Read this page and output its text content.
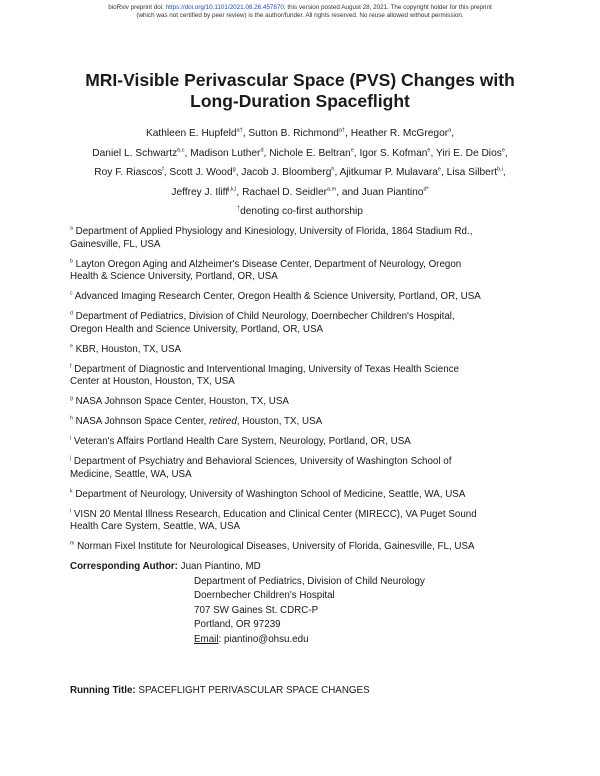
bioRxiv preprint doi: https://doi.org/10.1101/2021.08.26.457870; this version posted August 28, 2021. The copyright holder for this preprint
(which was not certified by peer review) is the author/funder. All rights reserved. No reuse allowed without permission.
MRI-Visible Perivascular Space (PVS) Changes with
Long-Duration Spaceflight
Kathleen E. Hupfeld$^{a\dagger}$, Sutton B. Richmond$^{a\dagger}$, Heather R. McGregor$^a$,
Daniel L. Schwartz$^{b,c}$, Madison Luther$^d$, Nichole E. Beltran$^e$, Igor S. Kofman$^e$, Yiri E. De Dios$^e$,
Roy F. Riascos$^f$, Scott J. Wood$^g$, Jacob J. Bloomberg$^h$, Ajitkumar P. Mulavara$^e$, Lisa Silbert$^{b,i}$,
Jeffrey J. Iliff$^{j,k,l}$, Rachael D. Seidler$^{a,m}$, and Juan Piantino$^{d*}$
†denoting co-first authorship
$^a$ Department of Applied Physiology and Kinesiology, University of Florida, 1864 Stadium Rd.,
Gainesville, FL, USA
$^b$ Layton Oregon Aging and Alzheimer's Disease Center, Department of Neurology, Oregon
Health & Science University, Portland, OR, USA
$^c$ Advanced Imaging Research Center, Oregon Health & Science University, Portland, OR, USA
$^d$ Department of Pediatrics, Division of Child Neurology, Doernbecher Children's Hospital,
Oregon Health and Science University, Portland, OR, USA
$^e$ KBR, Houston, TX, USA
$^f$ Department of Diagnostic and Interventional Imaging, University of Texas Health Science
Center at Houston, Houston, TX, USA
$^g$ NASA Johnson Space Center, Houston, TX, USA
$^h$ NASA Johnson Space Center, retired, Houston, TX, USA
$^i$ Veteran's Affairs Portland Health Care System, Neurology, Portland, OR, USA
$^j$ Department of Psychiatry and Behavioral Sciences, University of Washington School of
Medicine, Seattle, WA, USA
$^k$ Department of Neurology, University of Washington School of Medicine, Seattle, WA, USA
$^l$ VISN 20 Mental Illness Research, Education and Clinical Center (MIRECC), VA Puget Sound
Health Care System, Seattle, WA, USA
$^m$ Norman Fixel Institute for Neurological Diseases, University of Florida, Gainesville, FL, USA
Corresponding Author: Juan Piantino, MD
Department of Pediatrics, Division of Child Neurology
Doernbecher Children's Hospital
707 SW Gaines St. CDRC-P
Portland, OR 97239
Email: piantino@ohsu.edu
Running Title: SPACEFLIGHT PERIVASCULAR SPACE CHANGES
